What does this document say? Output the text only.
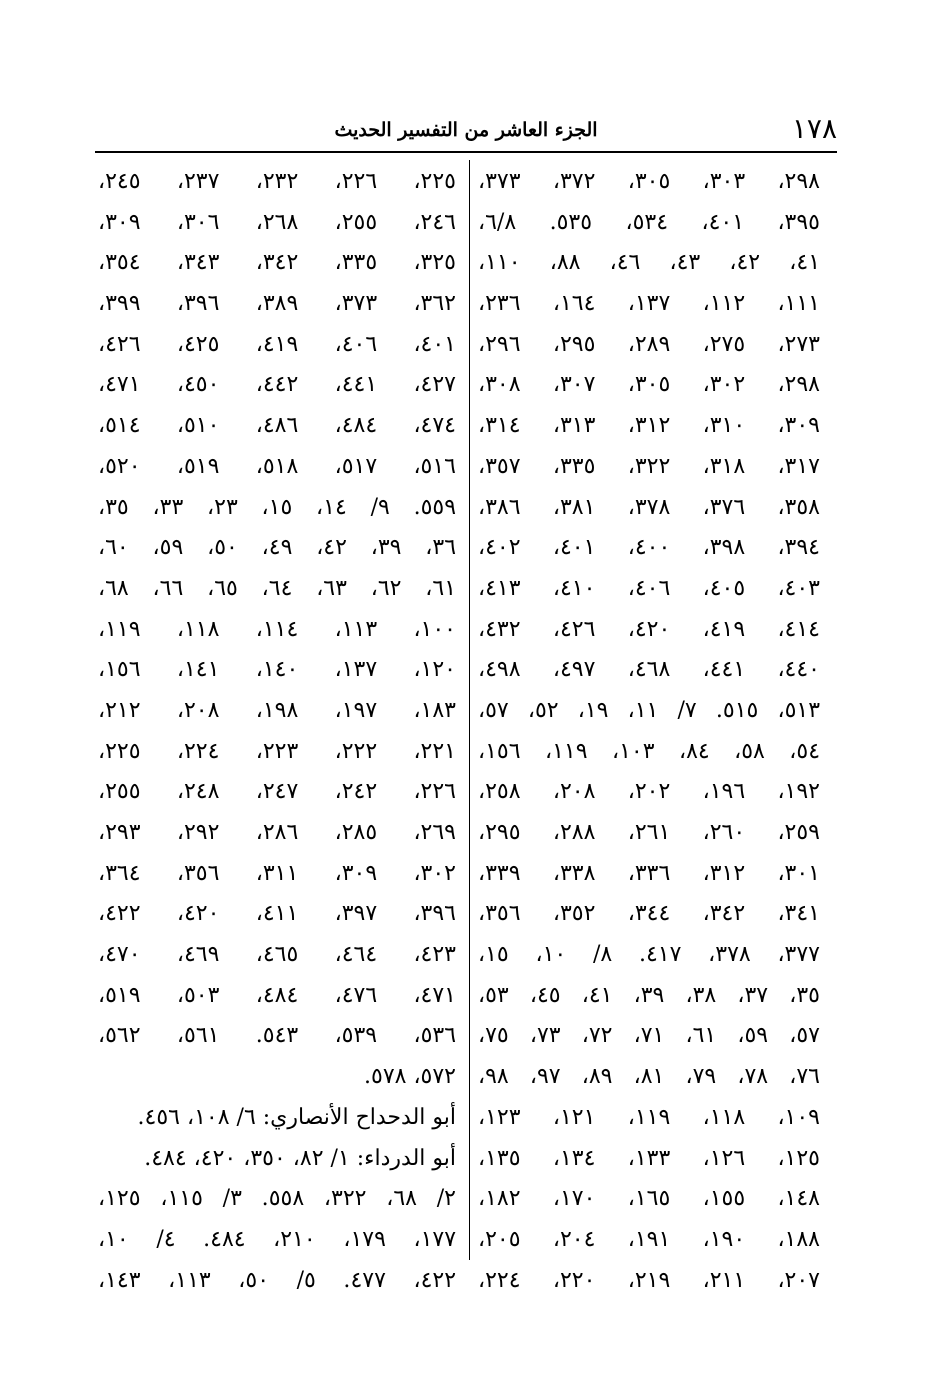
١٧٨
الجزء العاشر من التفسير الحديث
٢٩٨، ٣٠٣، ٣٠٥، ٣٧٢، ٣٧٣،
٣٩٥، ٤٠١، ٥٣٤، ٥٣٥. ٦/٨،
٤١، ٤٢، ٤٣، ٤٦، ٨٨، ١١٠،
١١١، ١١٢، ١٣٧، ١٦٤، ٢٣٦،
٢٧٣، ٢٧٥، ٢٨٩، ٢٩٥، ٢٩٦،
٢٩٨، ٣٠٢، ٣٠٥، ٣٠٧، ٣٠٨،
٣٠٩، ٣١٠، ٣١٢، ٣١٣، ٣١٤،
٣١٧، ٣١٨، ٣٢٢، ٣٣٥، ٣٥٧،
٣٥٨، ٣٧٦، ٣٧٨، ٣٨١، ٣٨٦،
٣٩٤، ٣٩٨، ٤٠٠، ٤٠١، ٤٠٢،
٤٠٣، ٤٠٥، ٤٠٦، ٤١٠، ٤١٣،
٤١٤، ٤١٩، ٤٢٠، ٤٢٦، ٤٣٢،
٤٤٠، ٤٤١، ٤٦٨، ٤٩٧، ٤٩٨،
٥١٣، ٥١٥. ٧/ ١١، ١٩، ٥٢، ٥٧،
٥٤، ٥٨، ٨٤، ١٠٣، ١١٩، ١٥٦،
١٩٢، ١٩٦، ٢٠٢، ٢٠٨، ٢٥٨،
٢٥٩، ٢٦٠، ٢٦١، ٢٨٨، ٢٩٥،
٣٠١، ٣١٢، ٣٣٦، ٣٣٨، ٣٣٩،
٣٤١، ٣٤٢، ٣٤٤، ٣٥٢، ٣٥٦،
٣٧٧، ٣٧٨، ٤١٧. ٨/ ١٠، ١٥،
٣٥، ٣٧، ٣٨، ٣٩، ٤١، ٤٥، ٥٣،
٥٧، ٥٩، ٦١، ٧١، ٧٢، ٧٣، ٧٥،
٧٦، ٧٨، ٧٩، ٨١، ٨٩، ٩٧، ٩٨،
١٠٩، ١١٨، ١١٩، ١٢١، ١٢٣،
١٢٥، ١٢٦، ١٣٣، ١٣٤، ١٣٥،
١٤٨، ١٥٥، ١٦٥، ١٧٠، ١٨٢،
١٨٨، ١٩٠، ١٩١، ٢٠٤، ٢٠٥،
٢٠٧، ٢١١، ٢١٩، ٢٢٠، ٢٢٤،
٢٢٥، ٢٢٦، ٢٣٢، ٢٣٧، ٢٤٥،
٢٤٦، ٢٥٥، ٢٦٨، ٣٠٦، ٣٠٩،
٣٢٥، ٣٣٥، ٣٤٢، ٣٤٣، ٣٥٤،
٣٦٢، ٣٧٣، ٣٨٩، ٣٩٦، ٣٩٩،
٤٠١، ٤٠٦، ٤١٩، ٤٢٥، ٤٢٦،
٤٢٧، ٤٤١، ٤٤٢، ٤٥٠، ٤٧١،
٤٧٤، ٤٨٤، ٤٨٦، ٥١٠، ٥١٤،
٥١٦، ٥١٧، ٥١٨، ٥١٩، ٥٢٠،
٥٥٩. ٩/ ١٤، ١٥، ٢٣، ٣٣، ٣٥،
٣٦، ٣٩، ٤٢، ٤٩، ٥٠، ٥٩، ٦٠،
٦١، ٦٢، ٦٣، ٦٤، ٦٥، ٦٦، ٦٨،
١٠٠، ١١٣، ١١٤، ١١٨، ١١٩،
١٢٠، ١٣٧، ١٤٠، ١٤١، ١٥٦،
١٨٣، ١٩٧، ١٩٨، ٢٠٨، ٢١٢،
٢٢١، ٢٢٢، ٢٢٣، ٢٢٤، ٢٢٥،
٢٢٦، ٢٤٢، ٢٤٧، ٢٤٨، ٢٥٥،
٢٦٩، ٢٨٥، ٢٨٦، ٢٩٢، ٢٩٣،
٣٠٢، ٣٠٩، ٣١١، ٣٥٦، ٣٦٤،
٣٩٦، ٣٩٧، ٤١١، ٤٢٠، ٤٢٢،
٤٢٣، ٤٦٤، ٤٦٥، ٤٦٩، ٤٧٠،
٤٧١، ٤٧٦، ٤٨٤، ٥٠٣، ٥١٩،
٥٣٦، ٥٣٩، ٥٤٣. ٥٦١، ٥٦٢،
٥٧٢، ٥٧٨.
أبو الدحداح الأنصاري: ٦/ ١٠٨، ٤٥٦.
أبو الدرداء: ١/ ٨٢، ٣٥٠، ٤٢٠، ٤٨٤.
٢/ ٦٨، ٣٢٢، ٥٥٨. ٣/ ١١٥، ١٢٥،
١٧٧، ١٧٩، ٢١٠، ٤٨٤. ٤/ ١٠،
٤٢٢، ٤٧٧. ٥/ ٥٠، ١١٣، ١٤٣،
